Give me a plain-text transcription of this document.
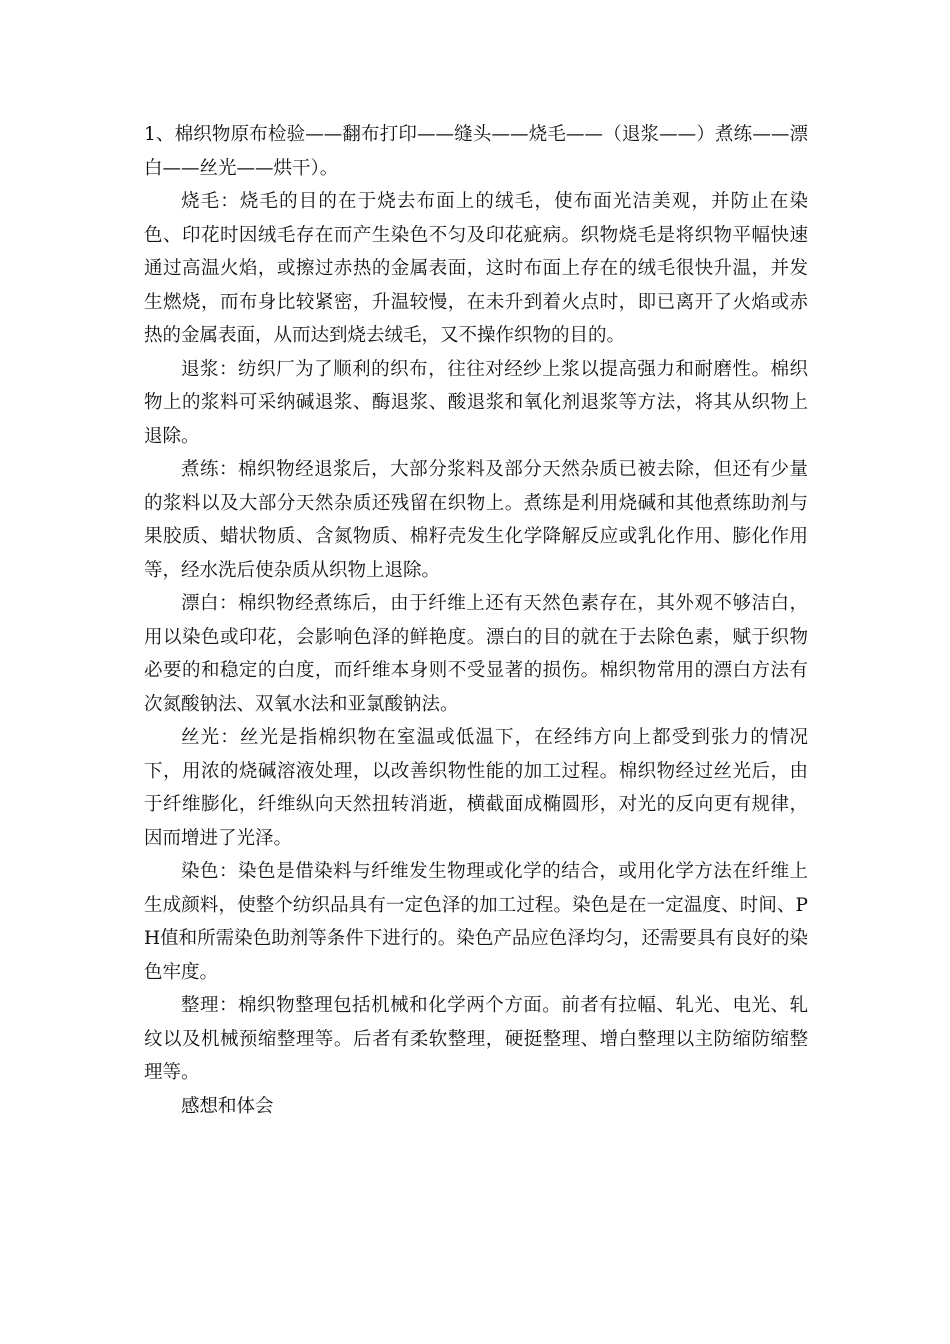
1、棉织物原布检验——翻布打印——缝头——烧毛——（退浆——）煮练——漂白——丝光——烘干）。

烧毛：烧毛的目的在于烧去布面上的绒毛，使布面光洁美观，并防止在染色、印花时因绒毛存在而产生染色不匀及印花疵病。织物烧毛是将织物平幅快速通过高温火焰，或擦过赤热的金属表面，这时布面上存在的绒毛很快升温，并发生燃烧，而布身比较紧密，升温较慢，在未升到着火点时，即已离开了火焰或赤热的金属表面，从而达到烧去绒毛，又不操作织物的目的。

退浆：纺织厂为了顺利的织布，往往对经纱上浆以提高强力和耐磨性。棉织物上的浆料可采纳碱退浆、酶退浆、酸退浆和氧化剂退浆等方法，将其从织物上退除。

煮练：棉织物经退浆后，大部分浆料及部分天然杂质已被去除，但还有少量的浆料以及大部分天然杂质还残留在织物上。煮练是利用烧碱和其他煮练助剂与果胶质、蜡状物质、含氮物质、棉籽壳发生化学降解反应或乳化作用、膨化作用等，经水洗后使杂质从织物上退除。

漂白：棉织物经煮练后，由于纤维上还有天然色素存在，其外观不够洁白，用以染色或印花，会影响色泽的鲜艳度。漂白的目的就在于去除色素，赋于织物必要的和稳定的白度，而纤维本身则不受显著的损伤。棉织物常用的漂白方法有次氮酸钠法、双氧水法和亚氯酸钠法。

丝光：丝光是指棉织物在室温或低温下，在经纬方向上都受到张力的情况下，用浓的烧碱溶液处理，以改善织物性能的加工过程。棉织物经过丝光后，由于纤维膨化，纤维纵向天然扭转消逝，横截面成椭圆形，对光的反向更有规律，因而增进了光泽。

染色：染色是借染料与纤维发生物理或化学的结合，或用化学方法在纤维上生成颜料，使整个纺织品具有一定色泽的加工过程。染色是在一定温度、时间、PH值和所需染色助剂等条件下进行的。染色产品应色泽均匀，还需要具有良好的染色牢度。

整理：棉织物整理包括机械和化学两个方面。前者有拉幅、轧光、电光、轧纹以及机械预缩整理等。后者有柔软整理，硬挺整理、增白整理以主防缩防缩整理等。

感想和体会
